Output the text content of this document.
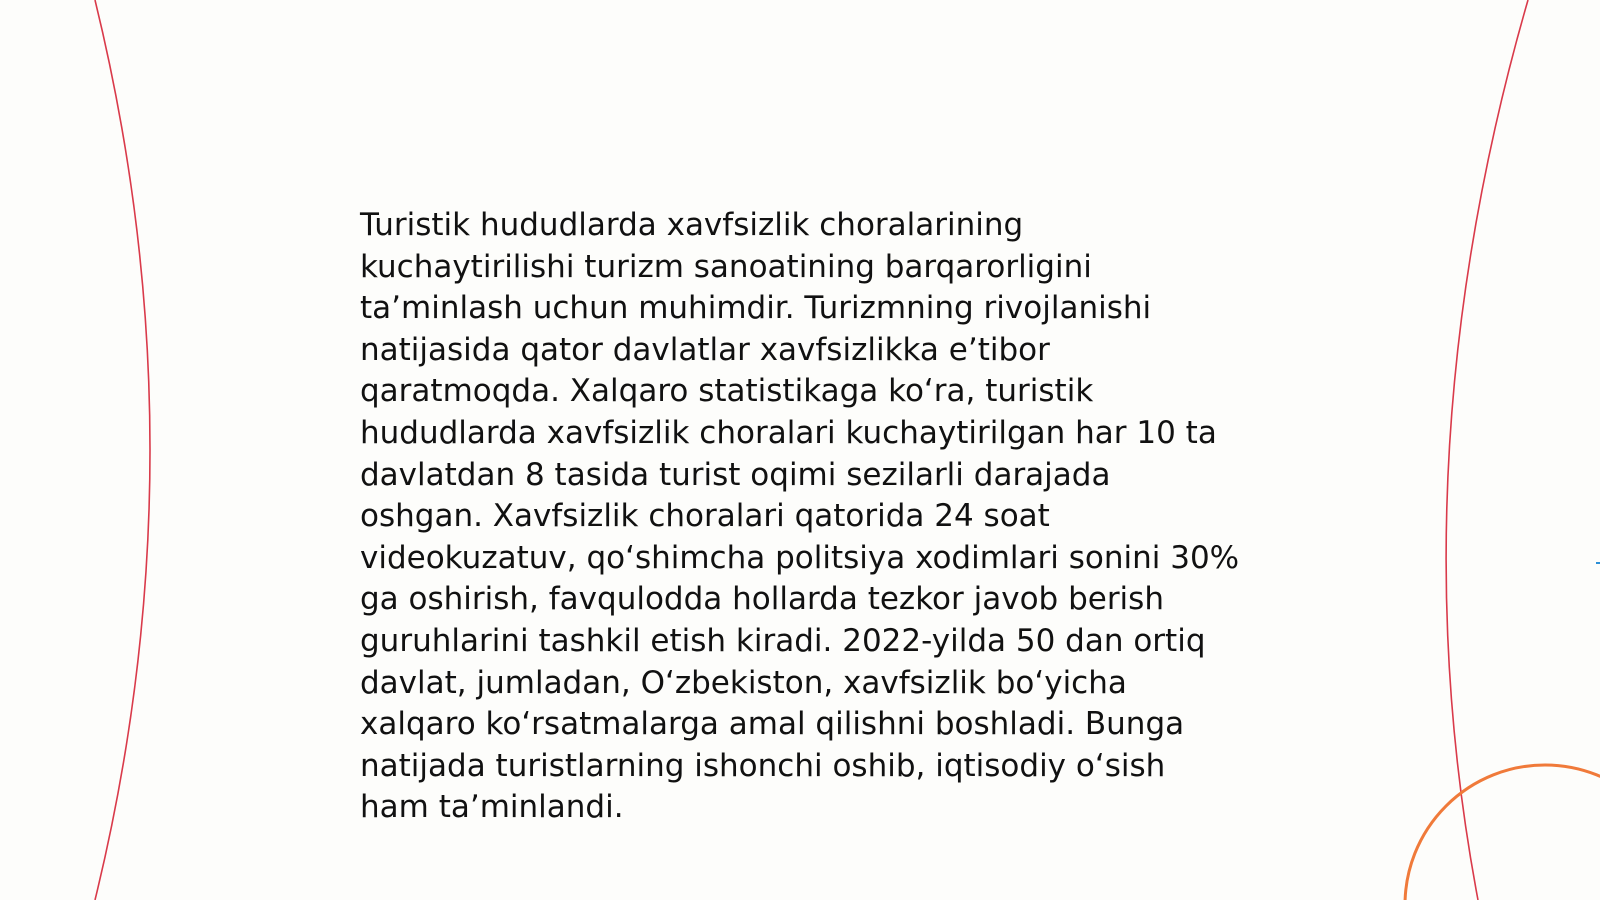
Turistik hududlarda xavfsizlik choralarining kuchaytirilishi turizm sanoatining barqarorligini ta’minlash uchun muhimdir. Turizmning rivojlanishi natijasida qator davlatlar xavfsizlikka e’tibor qaratmoqda. Xalqaro statistikaga koʻra, turistik hududlarda xavfsizlik choralari kuchaytirilgan har 10 ta davlatdan 8 tasida turist oqimi sezilarli darajada oshgan. Xavfsizlik choralari qatorida 24 soat videokuzatuv, qoʻshimcha politsiya xodimlari sonini 30% ga oshirish, favqulodda hollarda tezkor javob berish guruhlarini tashkil etish kiradi. 2022-yilda 50 dan ortiq davlat, jumladan, Oʻzbekiston, xavfsizlik boʻyicha xalqaro koʻrsatmalarga amal qilishni boshladi. Bunga natijada turistlarning ishonchi oshib, iqtisodiy oʻsish ham ta’minlandi.
